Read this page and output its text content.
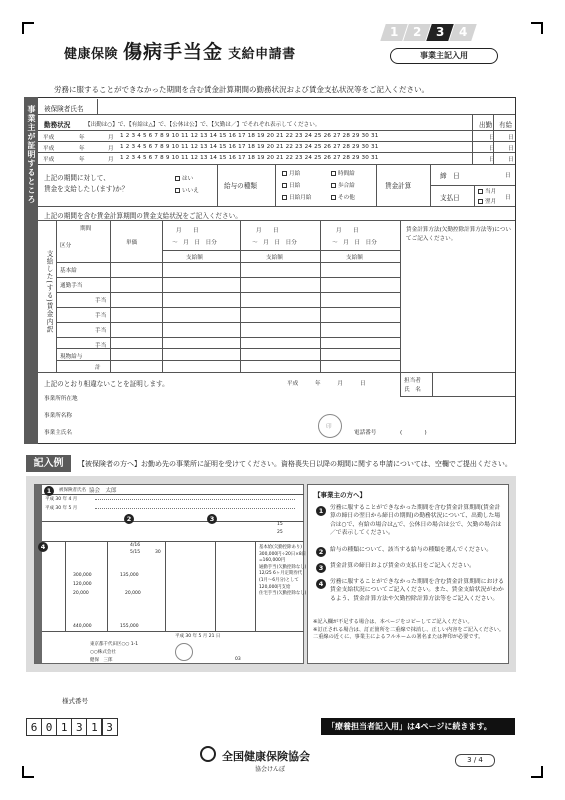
健康保険 傷病手当金 支給申請書
1	2	3	4
事業主記入用
労務に服することができなかった期間を含む賃金計算期間の勤務状況および賃金支払状況等をご記入ください。
事業主が証明するところ 被保険者氏名
勤務状況	【出勤は○】で、【有給は△】で、【公休は公】で、【欠勤は／】でそれぞれ表示してください。	出勤 有給
平成	年	月 1 2 3 4 5 6 7 8 9 10 11 12 13 14 15 16 17 18 19 20 21 22 23 24 25 26 27 28 29 30 31	日 日
平成	年	月 1 2 3 4 5 6 7 8 9 10 11 12 13 14 15 16 17 18 19 20 21 22 23 24 25 26 27 28 29 30 31	日 日
平成	年	月 1 2 3 4 5 6 7 8 9 10 11 12 13 14 15 16 17 18 19 20 21 22 23 24 25 26 27 28 29 30 31	日 日
上記の期間に対して、
賃金を支給したし(ます)か？
はい
いいえ
給与の種類
月給	時間給
日給	歩合給
日給月給	その他
賃金計算
締　日	日
支払日
当月
翌月
日
上記の期間を含む賃金計算期間の賃金支給状況をご記入ください。
支給した(する)賃金内訳
期間
区分	単価
月　　 日
〜　 月　 日　 日分
月　　 日
〜　 月　 日　 日分
月　　 日
〜　 月　 日　 日分
支給額	支給額	支給額
基本給
通勤手当
手当
手当
手当
手当
現物給与
計
賃金計算方法(欠勤控除計算方法等)についてご記入ください。
上記のとおり相違ないことを証明します。	平成　　　	年　　　	月　　　	日	担当者
氏　名
事業所所在地
事業所名称
事業主氏名
印
電話番号	(　　　　)
記入例	【被保険者の方へ】お勤め先の事業所に証明を受けてください。資格喪失日以降の期間に関する申請については、空欄でご提出ください。
被保険者氏名 協会　太郎
平成 30 年 4 月
平成 30 年 5 月
15
25
4/16
5/15	30
300,000	135,000
120,000
20,000	20,000
440,000	155,000
基本給(欠勤控除あり)
300,000円÷20日×8日
=160,000円
通勤手当(欠勤控除なし)
12/25 6ヶ月定期券代
(1月〜6月分)として
120,000円支給
住宅手当(欠勤控除なし)
平成 30 年 5 月 21 日
東京都千代田区○○ 1-1
○○株式会社
健保　三郎	03
1
2	3
4
【事業主の方へ】
1	労務に服することができなかった期間を含む賃金計算期間(賃金計算の締日の翌日から締日の期間)の勤務状況について、出勤した場合は○で、有給の場合は△で、公休日の場合は公で、欠勤の場合は／で表示してください。
2	給与の種類について、該当する給与の種類を選んでください。
3	賃金計算の締日および賃金の支払日をご記入ください。
4	労務に服することができなかった期間を含む賃金計算期間における賃金支給状況についてご記入ください。また、賃金支給状況がわかるよう、賃金計算方法や欠勤控除計算方法等をご記入ください。
※記入欄が不足する場合は、本ページをコピーしてご記入ください。
※訂正される場合は、訂正箇所を二重線で抹消し、正しい内容をご記入ください。二重線の近くに、事業主によるフルネームの署名または押印が必要です。
様式番号
6 0 1 3 1 3	「療養担当者記入用」は4ページに続きます。 ❯❯❯
全国健康保険協会
協会けんぽ
3 / 4
